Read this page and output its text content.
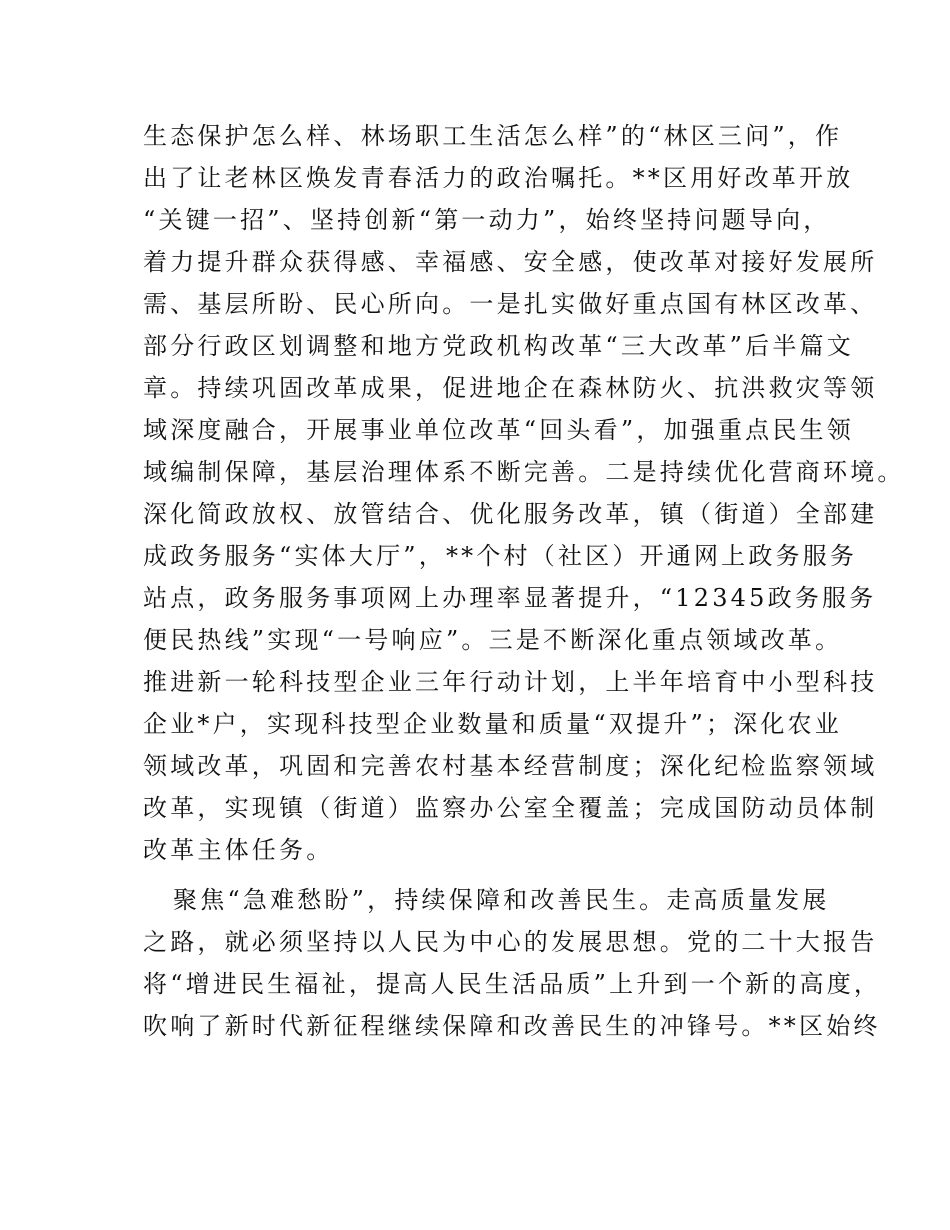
生态保护怎么样、林场职工生活怎么样”的“林区三问”，作
出了让老林区焕发青春活力的政治嘱托。**区用好改革开放
“关键一招”、坚持创新“第一动力”，始终坚持问题导向，
着力提升群众获得感、幸福感、安全感，使改革对接好发展所
需、基层所盼、民心所向。一是扎实做好重点国有林区改革、
部分行政区划调整和地方党政机构改革“三大改革”后半篇文
章。持续巩固改革成果，促进地企在森林防火、抗洪救灾等领
域深度融合，开展事业单位改革“回头看”，加强重点民生领
域编制保障，基层治理体系不断完善。二是持续优化营商环境。
深化简政放权、放管结合、优化服务改革，镇（街道）全部建
成政务服务“实体大厅”，**个村（社区）开通网上政务服务
站点，政务服务事项网上办理率显著提升，“12345政务服务
便民热线”实现“一号响应”。三是不断深化重点领域改革。
推进新一轮科技型企业三年行动计划，上半年培育中小型科技
企业*户，实现科技型企业数量和质量“双提升”；深化农业
领域改革，巩固和完善农村基本经营制度；深化纪检监察领域
改革，实现镇（街道）监察办公室全覆盖；完成国防动员体制
改革主体任务。
聚焦“急难愁盼”，持续保障和改善民生。走高质量发展
之路，就必须坚持以人民为中心的发展思想。党的二十大报告
将“增进民生福祉，提高人民生活品质”上升到一个新的高度，
吹响了新时代新征程继续保障和改善民生的冲锋号。**区始终
